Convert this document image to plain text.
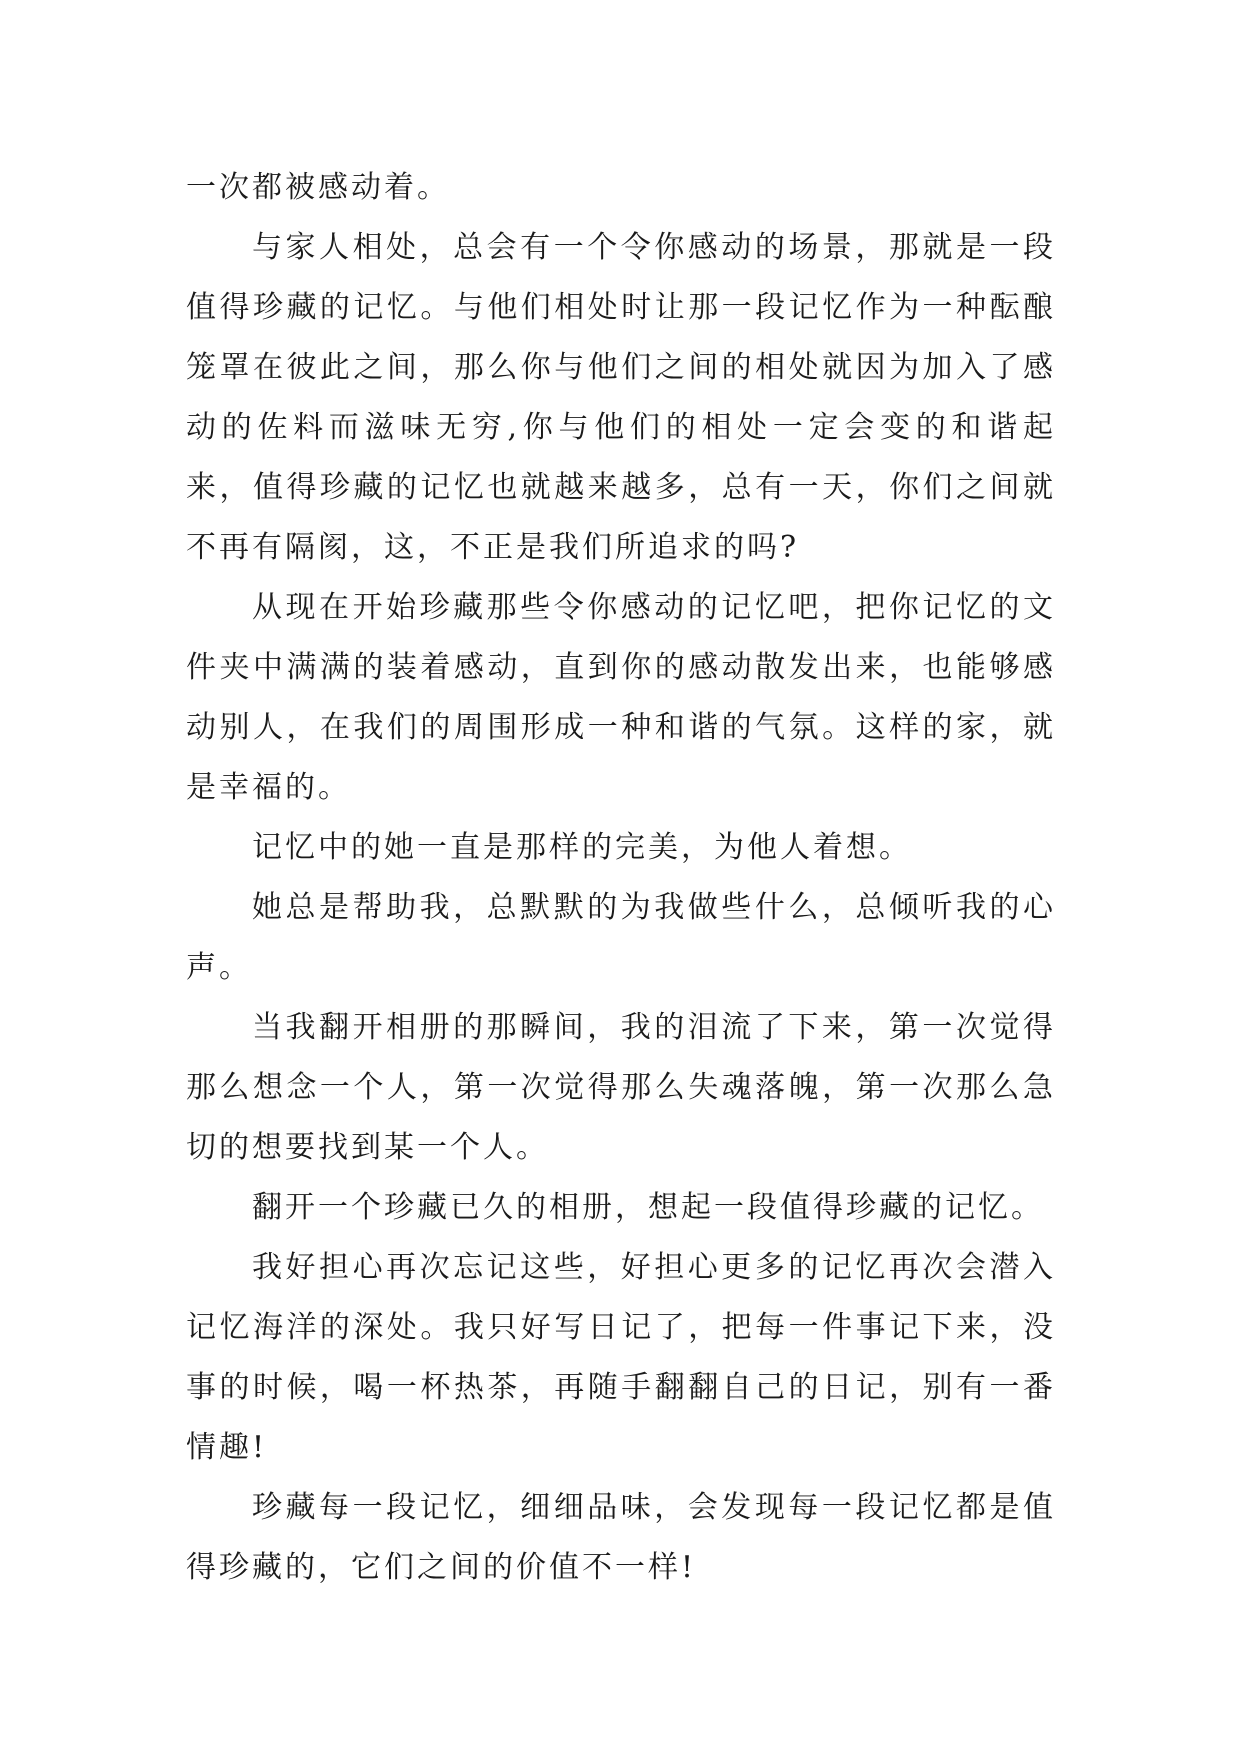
一次都被感动着。

与家人相处，总会有一个令你感动的场景，那就是一段值得珍藏的记忆。与他们相处时让那一段记忆作为一种酝酿笼罩在彼此之间，那么你与他们之间的相处就因为加入了感动的佐料而滋味无穷,你与他们的相处一定会变的和谐起来，值得珍藏的记忆也就越来越多，总有一天，你们之间就不再有隔阂，这，不正是我们所追求的吗?

从现在开始珍藏那些令你感动的记忆吧，把你记忆的文件夹中满满的装着感动，直到你的感动散发出来，也能够感动别人，在我们的周围形成一种和谐的气氛。这样的家，就是幸福的。

记忆中的她一直是那样的完美，为他人着想。

她总是帮助我，总默默的为我做些什么，总倾听我的心声。

当我翻开相册的那瞬间，我的泪流了下来，第一次觉得那么想念一个人，第一次觉得那么失魂落魄，第一次那么急切的想要找到某一个人。

翻开一个珍藏已久的相册，想起一段值得珍藏的记忆。

我好担心再次忘记这些，好担心更多的记忆再次会潜入记忆海洋的深处。我只好写日记了，把每一件事记下来，没事的时候，喝一杯热茶，再随手翻翻自己的日记，别有一番情趣!

珍藏每一段记忆，细细品味，会发现每一段记忆都是值得珍藏的，它们之间的价值不一样!
